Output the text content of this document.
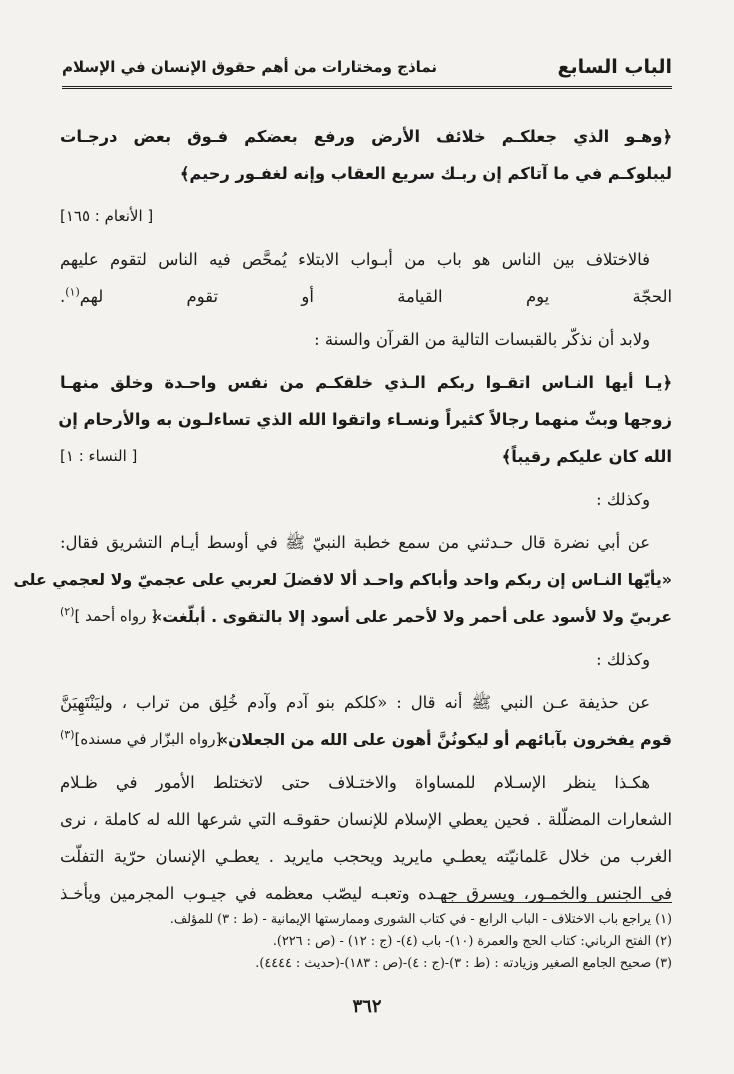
الباب السابع
نماذج ومختارات من أهم حقوق الإنسان في الإسلام
﴿وهـو الذي جعلكـم خلائف الأرض ورفع بعضكم فـوق بعض درجـات
ليبلوكـم في ما آتاكم إن ربـك سريع العقاب وإنه لغفـور رحيم﴾
[ الأنعام : ١٦٥]
فالاختلاف بين الناس هو باب من أبـواب الابتلاء يُمحَّص فيه الناس لتقوم عليهم
الحجّة يوم القيامة أو تقوم لهم$^{(١)}$.
ولابد أن نذكّر بالقبسات التالية من القرآن والسنة :
﴿يـا أيها النـاس اتقـوا ربكم الـذي خلقكـم من نفس واحـدة وخلق منهـا
زوجها وبثّ منهما رجالاً كثيراً ونسـاء واتقوا الله الذي تساءلـون به والأرحام إن
الله كان عليكم رقيباً﴾
[ النساء : ١]
وكذلك :
عن أبي نضرة قال حـدثني من سمع خطبة النبيّ ﷺ في أوسط أيـام التشريق فقال:
«يأيّها النـاس إن ربكم واحد وأباكم واحـد ألا لافضلَ لعربي على عجميّ ولا لعجمي على
عربيّ ولا لأسود على أحمر ولا لأحمر على أسود إلا بالتقوى . أبلّغت»
[ رواه أحمد ]$^{(٢)}$
وكذلك :
عن حذيفة عـن النبي ﷺ أنه قال : «كلكم بنو آدم وآدم خُلِق من تراب ، وليَنْتَهِيَنَّ
قوم يفخرون بآبائهم أو ليكونُنَّ أهون على الله من الجعلان»
[رواه البزّار في مسنده]$^{(٣)}$
هكـذا ينظر الإسـلام للمساواة والاختـلاف حتى لاتختلط الأمور في ظـلام
الشعارات المضلّلة . فحين يعطي الإسلام للإنسان حقوقـه التي شرعها الله له كاملة ، نرى
الغرب من خلال عَلمانيّته يعطـي مايريد ويحجب مايريد . يعطـي الإنسان حرّية التفلّت
في الجنس والخمـور، ويسرق جهـده وتعبـه ليصّب معظمه في جيـوب المجرمين ويأخـذ
(١) يراجع باب الاختلاف - الباب الرابع - في كتاب الشورى وممارستها الإيمانية - (ط : ٣) للمؤلف.
(٢) الفتح الرباني: كتاب الحج والعمرة (١٠)- باب (٤)- (ج : ١٢) - (ص : ٢٢٦).
(٣) صحيح الجامع الصغير وزيادته : (ط : ٣)-(ج : ٤)-(ص : ١٨٣)-(حديث : ٤٤٤٤).
٣٦٢
